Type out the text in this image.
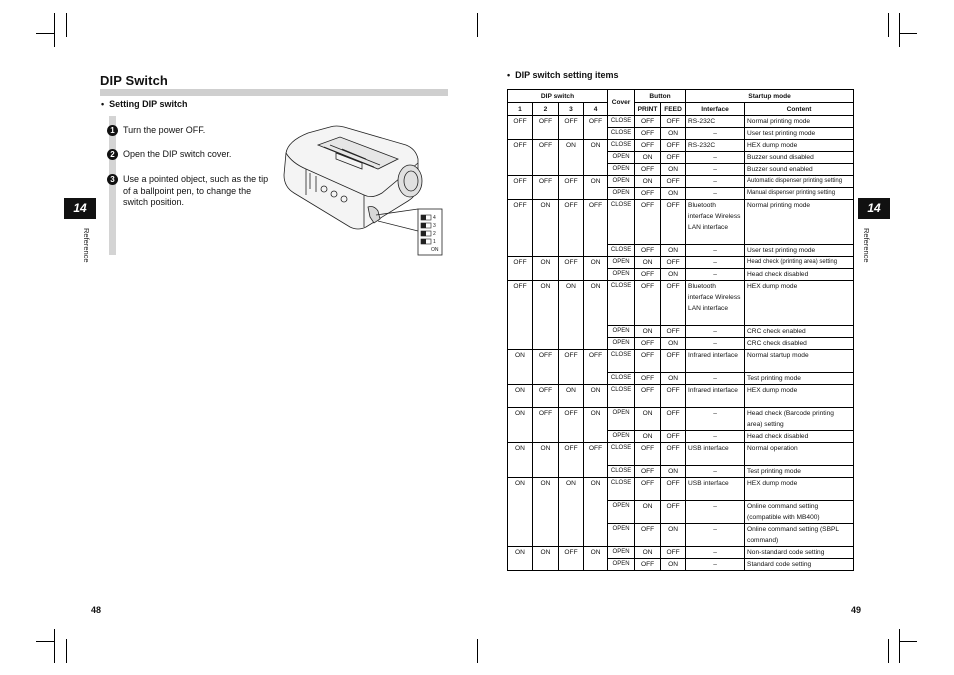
DIP Switch
•  Setting DIP switch
1 Turn the power OFF.
2 Open the DIP switch cover.
3 Use a pointed object, such as the tip of a ballpoint pen, to change the switch position.
4
3
2
1
ON
14
Reference
48
•  DIP switch setting items
DIP switch				Cover	Button		Startup mode	
1	2	3	4		PRINT	FEED	Interface	Content
OFF	OFF	OFF	OFF	CLOSE	OFF	OFF	RS-232C	Normal printing mode
				CLOSE	OFF	ON	–	User test printing mode
OFF	OFF	ON	ON	CLOSE	OFF	OFF	RS-232C	HEX dump mode
				OPEN	ON	OFF	–	Buzzer sound disabled
				OPEN	OFF	ON	–	Buzzer sound enabled
OFF	OFF	OFF	ON	OPEN	ON	OFF	–	Automatic dispenser printing setting
				OPEN	OFF	ON	–	Manual dispenser printing setting
OFF	ON	OFF	OFF	CLOSE	OFF	OFF	Bluetooth interface Wireless LAN interface	Normal printing mode
				CLOSE	OFF	ON	–	User test printing mode
OFF	ON	OFF	ON	OPEN	ON	OFF	–	Head check (printing area) setting
				OPEN	OFF	ON	–	Head check disabled
OFF	ON	ON	ON	CLOSE	OFF	OFF	Bluetooth interface Wireless LAN interface	HEX dump mode
				OPEN	ON	OFF	–	CRC check enabled
				OPEN	OFF	ON	–	CRC check disabled
ON	OFF	OFF	OFF	CLOSE	OFF	OFF	Infrared interface	Normal startup mode
				CLOSE	OFF	ON	–	Test printing mode
ON	OFF	ON	ON	CLOSE	OFF	OFF	Infrared interface	HEX dump mode
ON	OFF	OFF	ON	OPEN	ON	OFF	–	Head check (Barcode printing area) setting
				OPEN	ON	OFF	–	Head check disabled
ON	ON	OFF	OFF	CLOSE	OFF	OFF	USB interface	Normal operation
				CLOSE	OFF	ON	–	Test printing mode
ON	ON	ON	ON	CLOSE	OFF	OFF	USB interface	HEX dump mode
				OPEN	ON	OFF	–	Online command setting (compatible with MB400)
				OPEN	OFF	ON	–	Online command setting (SBPL command)
ON	ON	OFF	ON	OPEN	ON	OFF	–	Non-standard code setting
				OPEN	OFF	ON	–	Standard code setting
14
Reference
49
